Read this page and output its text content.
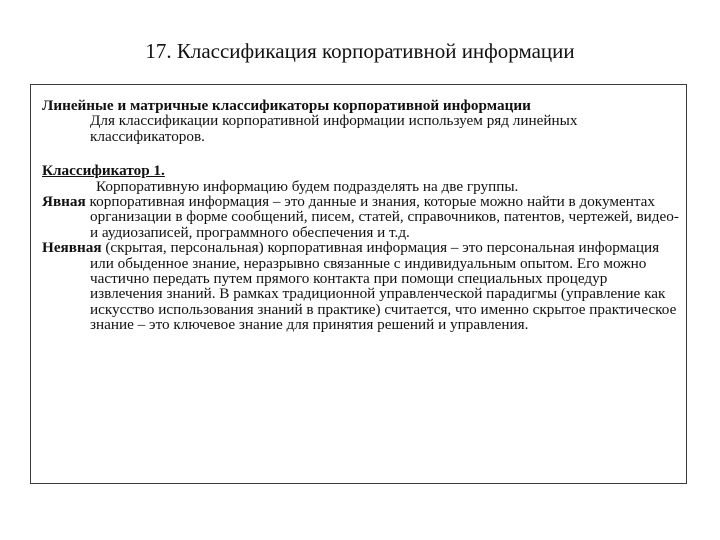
17. Классификация корпоративной информации
Линейные и матричные классификаторы корпоративной информации
Для классификации корпоративной информации используем ряд линейных классификаторов.
Классификатор 1.
Корпоративную информацию будем подразделять на две группы.
Явная корпоративная информация – это данные и знания, которые можно найти в документах организации в форме сообщений, писем, статей, справочников, патентов, чертежей, видео- и аудиозаписей, программного обеспечения и т.д.
Неявная (скрытая, персональная) корпоративная информация – это персональная информация или обыденное знание, неразрывно связанные с индивидуальным опытом. Его можно частично передать путем прямого контакта при помощи специальных процедур извлечения знаний. В рамках традиционной управленческой парадигмы (управление как искусство использования знаний в практике) считается, что именно скрытое практическое знание – это ключевое знание для принятия решений и управления.
